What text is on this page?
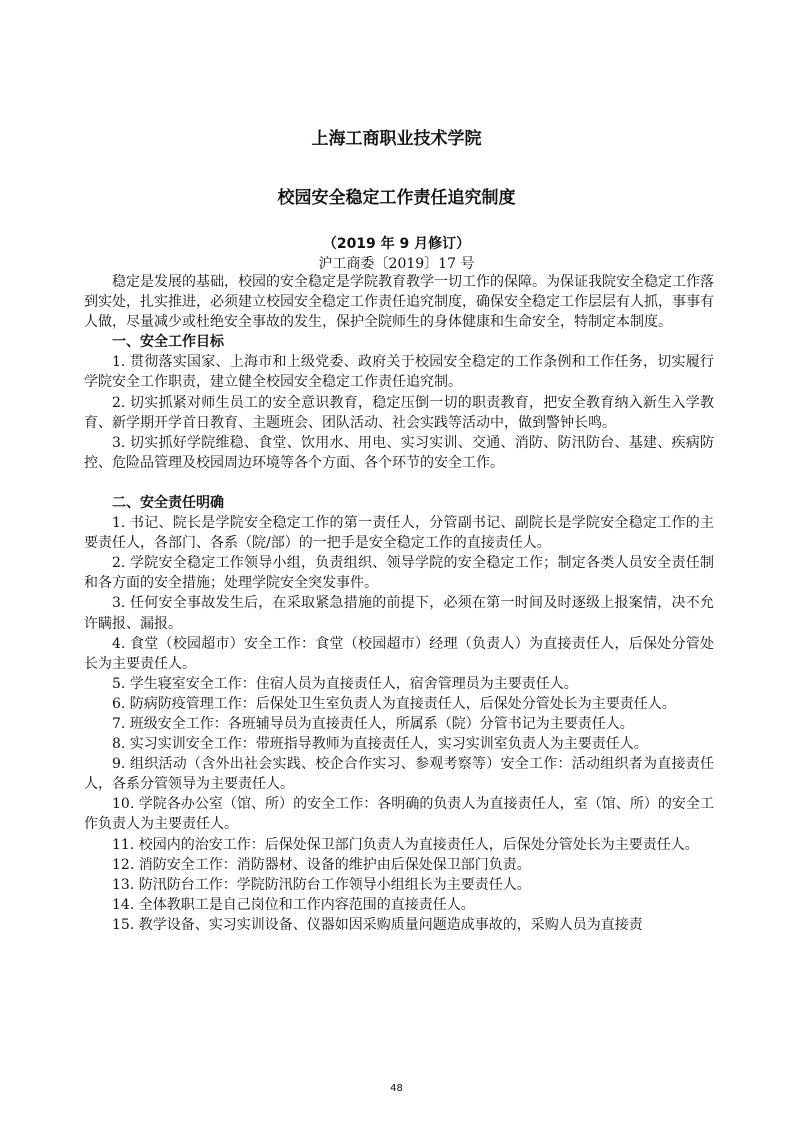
上海工商职业技术学院
校园安全稳定工作责任追究制度
（2019 年 9 月修订）
沪工商委〔2019〕17 号

稳定是发展的基础，校园的安全稳定是学院教育教学一切工作的保障。为保证我院安全稳定工作落到实处，扎实推进，必须建立校园安全稳定工作责任追究制度，确保安全稳定工作层层有人抓，事事有人做，尽量减少或杜绝安全事故的发生，保护全院师生的身体健康和生命安全，特制定本制度。

一、安全工作目标

1. 贯彻落实国家、上海市和上级党委、政府关于校园安全稳定的工作条例和工作任务，切实履行学院安全工作职责，建立健全校园安全稳定工作责任追究制。

2. 切实抓紧对师生员工的安全意识教育，稳定压倒一切的职责教育，把安全教育纳入新生入学教育、新学期开学首日教育、主题班会、团队活动、社会实践等活动中，做到警钟长鸣。

3. 切实抓好学院维稳、食堂、饮用水、用电、实习实训、交通、消防、防汛防台、基建、疾病防控、危险品管理及校园周边环境等各个方面、各个环节的安全工作。

二、安全责任明确

1. 书记、院长是学院安全稳定工作的第一责任人，分管副书记、副院长是学院安全稳定工作的主要责任人，各部门、各系（院/部）的一把手是安全稳定工作的直接责任人。

2. 学院安全稳定工作领导小组，负责组织、领导学院的安全稳定工作；制定各类人员安全责任制和各方面的安全措施；处理学院安全突发事件。

3. 任何安全事故发生后，在采取紧急措施的前提下，必须在第一时间及时逐级上报案情，决不允许瞒报、漏报。

4. 食堂（校园超市）安全工作：食堂（校园超市）经理（负责人）为直接责任人，后保处分管处长为主要责任人。

5. 学生寝室安全工作：住宿人员为直接责任人，宿舍管理员为主要责任人。

6. 防病防疫管理工作：后保处卫生室负责人为直接责任人，后保处分管处长为主要责任人。

7. 班级安全工作：各班辅导员为直接责任人，所属系（院）分管书记为主要责任人。

8. 实习实训安全工作：带班指导教师为直接责任人，实习实训室负责人为主要责任人。

9. 组织活动（含外出社会实践、校企合作实习、参观考察等）安全工作：活动组织者为直接责任人，各系分管领导为主要责任人。

10. 学院各办公室（馆、所）的安全工作：各明确的负责人为直接责任人，室（馆、所）的安全工作负责人为主要责任人。

11. 校园内的治安工作：后保处保卫部门负责人为直接责任人，后保处分管处长为主要责任人。

12. 消防安全工作：消防器材、设备的维护由后保处保卫部门负责。

13. 防汛防台工作：学院防汛防台工作领导小组组长为主要责任人。

14. 全体教职工是自己岗位和工作内容范围的直接责任人。

15. 教学设备、实习实训设备、仪器如因采购质量问题造成事故的，采购人员为直接责

48
